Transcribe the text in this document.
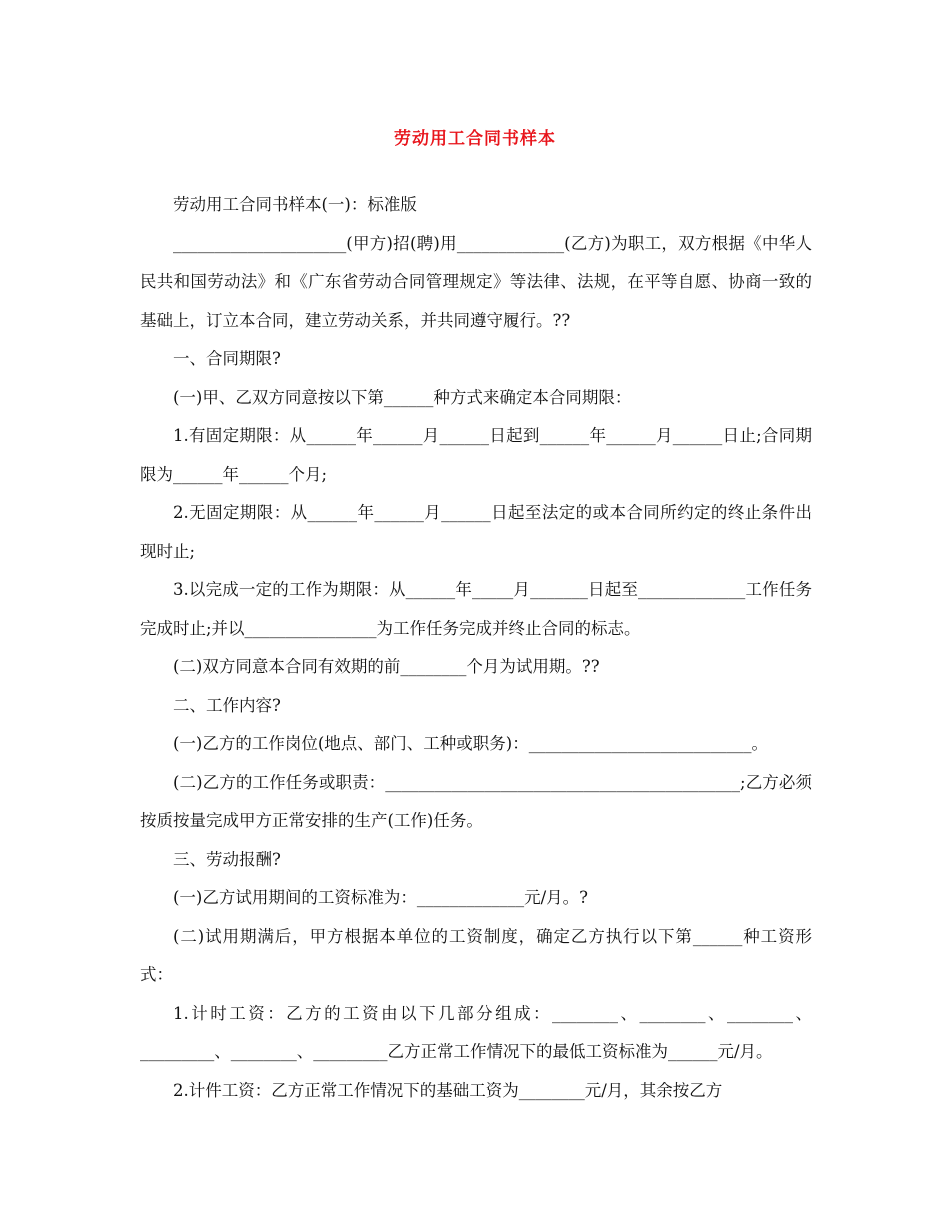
劳动用工合同书样本

劳动用工合同书样本(一)：标准版

_____________________(甲方)招(聘)用_____________(乙方)为职工，双方根据《中华人民共和国劳动法》和《广东省劳动合同管理规定》等法律、法规，在平等自愿、协商一致的基础上，订立本合同，建立劳动关系，并共同遵守履行。??

一、合同期限?

(一)甲、乙双方同意按以下第______种方式来确定本合同期限：

1.有固定期限：从______年______月______日起到______年______月______日止;合同期限为______年______个月;

2.无固定期限：从______年______月______日起至法定的或本合同所约定的终止条件出现时止;

3.以完成一定的工作为期限：从______年_____月_______日起至_____________工作任务完成时止;并以________________为工作任务完成并终止合同的标志。

(二)双方同意本合同有效期的前________个月为试用期。??

二、工作内容?

(一)乙方的工作岗位(地点、部门、工种或职务)：___________________________。

(二)乙方的工作任务或职责：___________________________________________;乙方必须按质按量完成甲方正常安排的生产(工作)任务。

三、劳动报酬?

(一)乙方试用期间的工资标准为：_____________元/月。?

(二)试用期满后，甲方根据本单位的工资制度，确定乙方执行以下第______种工资形式：

1.计时工资：乙方的工资由以下几部分组成：________、________、________、_________、________、_________乙方正常工作情况下的最低工资标准为______元/月。

2.计件工资：乙方正常工作情况下的基础工资为________元/月，其余按乙方
